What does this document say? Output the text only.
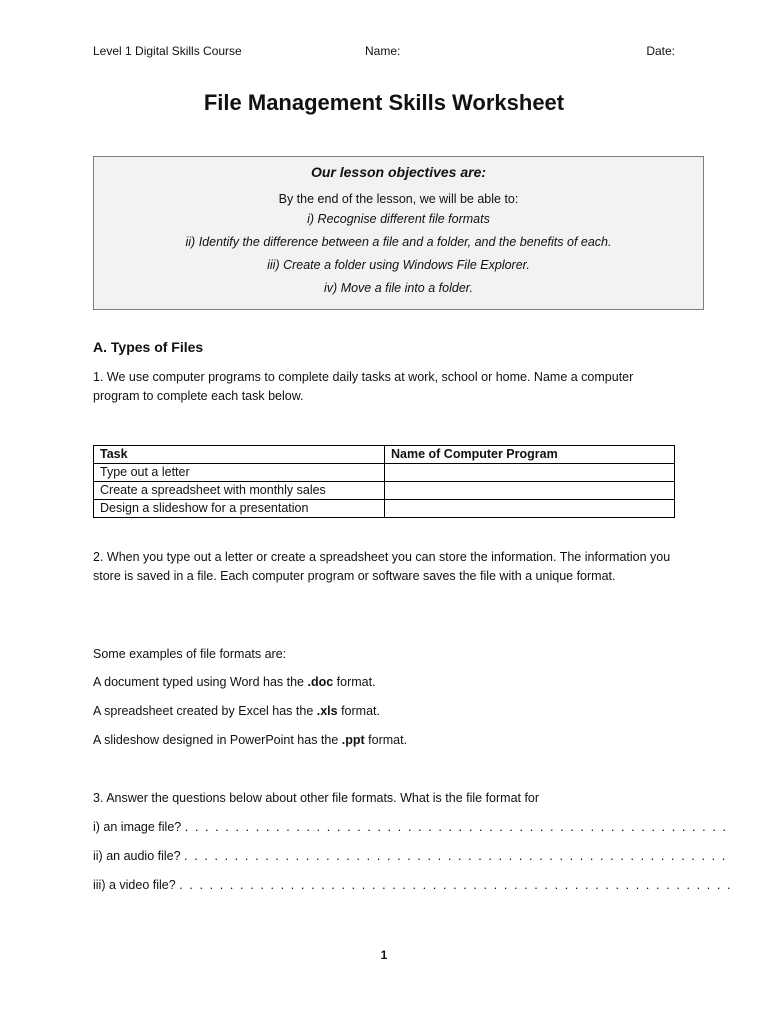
Level 1 Digital Skills Course	Name:	Date:
File Management Skills Worksheet
Our lesson objectives are:
By the end of the lesson, we will be able to:
i) Recognise different file formats
ii) Identify the difference between a file and a folder, and the benefits of each.
iii) Create a folder using Windows File Explorer.
iv) Move a file into a folder.
A. Types of Files
1. We use computer programs to complete daily tasks at work, school or home. Name a computer program to complete each task below.
Task	Name of Computer Program
Type out a letter	
Create a spreadsheet with monthly sales	
Design a slideshow for a presentation	
2. When you type out a letter or create a spreadsheet you can store the information. The information you store is saved in a file. Each computer program or software saves the file with a unique format.
Some examples of file formats are:
A document typed using Word has the .doc format.
A spreadsheet created by Excel has the .xls format.
A slideshow designed in PowerPoint has the .ppt format.
3. Answer the questions below about other file formats. What is the file format for
i) an image file? . . . . . . . . . . . . . . . . . . . . . . . . . . . . . . . . . . . . . . . . . . . . . . . . . . . . . .
ii) an audio file? . . . . . . . . . . . . . . . . . . . . . . . . . . . . . . . . . . . . . . . . . . . . . . . . . . . . . .
iii) a video file? . . . . . . . . . . . . . . . . . . . . . . . . . . . . . . . . . . . . . . . . . . . . . . . . . . . . . . .
1
